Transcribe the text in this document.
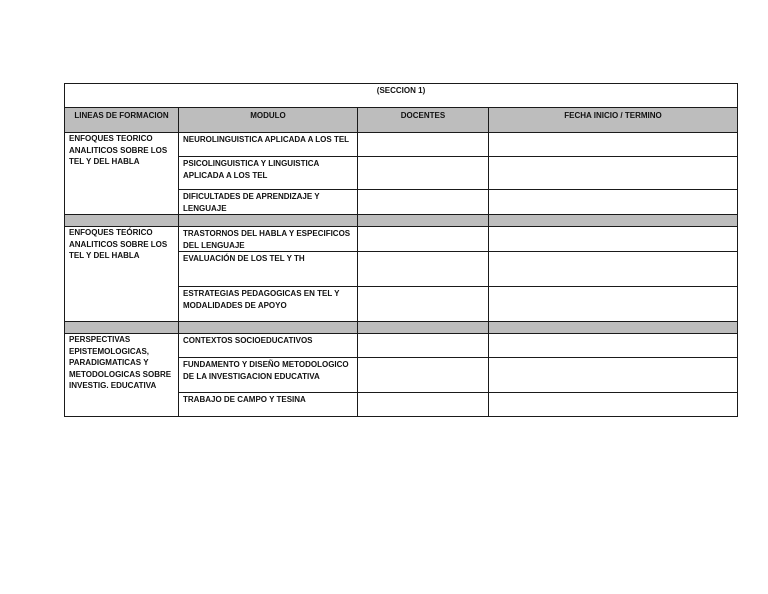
(SECCION 1)			
LINEAS DE FORMACION	MODULO	DOCENTES	FECHA INICIO / TERMINO
ENFOQUES TEORICO ANALITICOS SOBRE LOS TEL Y DEL HABLA	NEUROLINGUISTICA APLICADA A LOS TEL		
	PSICOLINGUISTICA Y LINGUISTICA APLICADA A LOS TEL		
	DIFICULTADES DE APRENDIZAJE Y LENGUAJE		

ENFOQUES TEÓRICO ANALITICOS SOBRE LOS TEL Y DEL HABLA	TRASTORNOS DEL HABLA Y ESPECIFICOS DEL LENGUAJE		
	EVALUACIÓN DE LOS TEL Y TH		
	ESTRATEGIAS PEDAGOGICAS EN TEL Y MODALIDADES DE APOYO		

PERSPECTIVAS EPISTEMOLOGICAS, PARADIGMATICAS Y METODOLOGICAS SOBRE INVESTIG. EDUCATIVA	CONTEXTOS SOCIOEDUCATIVOS		
	FUNDAMENTO Y DISEÑO METODOLOGICO DE LA INVESTIGACION EDUCATIVA		
	TRABAJO DE CAMPO Y TESINA		
